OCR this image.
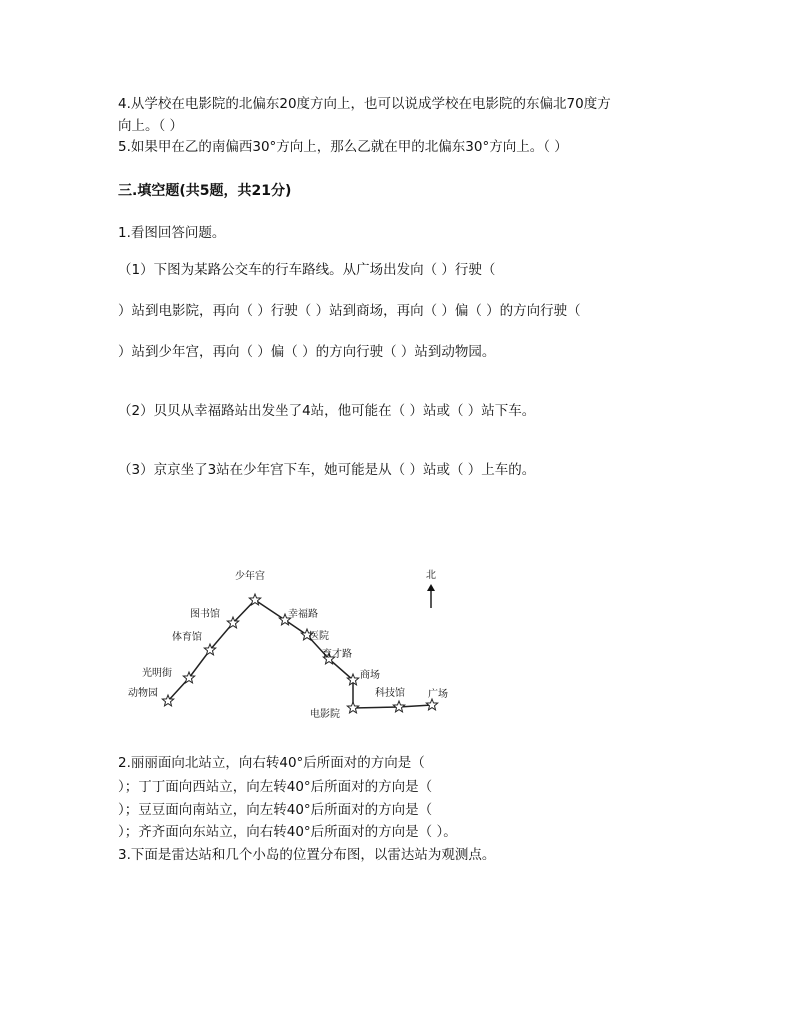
4.从学校在电影院的北偏东20度方向上，也可以说成学校在电影院的东偏北70度方
向上。（ ）
5.如果甲在乙的南偏西30°方向上，那么乙就在甲的北偏东30°方向上。（ ）
三.填空题(共5题，共21分)
1.看图回答问题。
（1）下图为某路公交车的行车路线。从广场出发向（ ）行驶（
）站到电影院，再向（ ）行驶（ ）站到商场，再向（ ）偏（ ）的方向行驶（
）站到少年宫，再向（ ）偏（ ）的方向行驶（ ）站到动物园。
（2）贝贝从幸福路站出发坐了4站，他可能在（ ）站或（ ）站下车。
（3）京京坐了3站在少年宫下车，她可能是从（ ）站或（ ）上车的。
动物园
光明街
体育馆
图书馆
少年宫
幸福路
医院
育才路
商场
电影院
科技馆 广场
北
2.丽丽面向北站立，向右转40°后所面对的方向是（
）；丁丁面向西站立，向左转40°后所面对的方向是（
）；豆豆面向南站立，向左转40°后所面对的方向是（
）；齐齐面向东站立，向右转40°后所面对的方向是（ ）。
3.下面是雷达站和几个小岛的位置分布图，以雷达站为观测点。
